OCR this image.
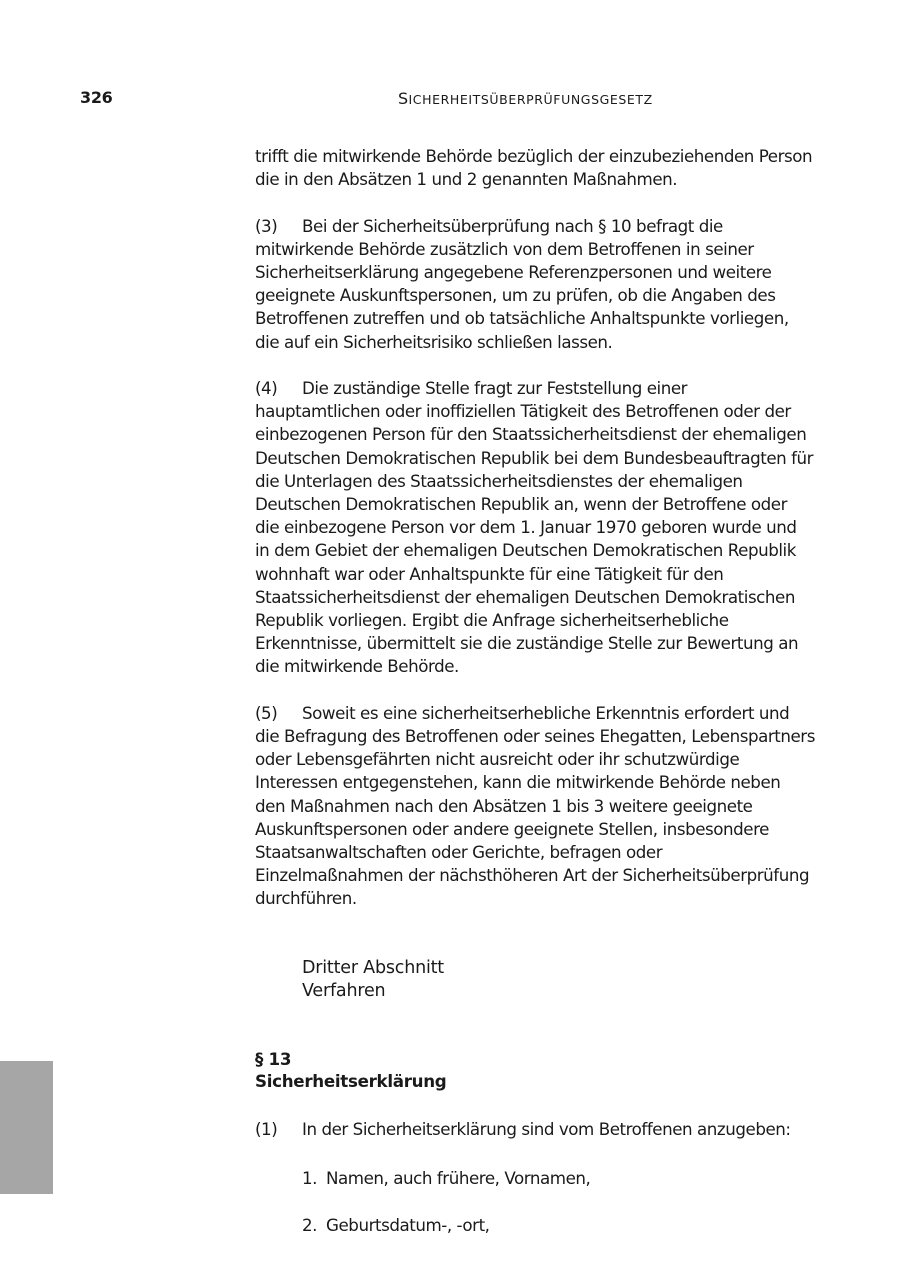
326	SICHERHEITSÜBERPRÜFUNGSGESETZ

trifft die mitwirkende Behörde bezüglich der einzubeziehenden Person die in den Absätzen 1 und 2 genannten Maßnahmen.

(3) Bei der Sicherheitsüberprüfung nach § 10 befragt die mitwirkende Behörde zusätzlich von dem Betroffenen in seiner Sicherheitserklärung angegebene Referenzpersonen und weitere geeignete Auskunftspersonen, um zu prüfen, ob die Angaben des Betroffenen zutreffen und ob tatsächliche Anhaltspunkte vorliegen, die auf ein Sicherheitsrisiko schließen lassen.

(4) Die zuständige Stelle fragt zur Feststellung einer hauptamtlichen oder inoffiziellen Tätigkeit des Betroffenen oder der einbezogenen Person für den Staatssicherheitsdienst der ehemaligen Deutschen Demokratischen Republik bei dem Bundesbeauftragten für die Unterlagen des Staatssicherheitsdienstes der ehemaligen Deutschen Demokratischen Republik an, wenn der Betroffene oder die einbezogene Person vor dem 1. Januar 1970 geboren wurde und in dem Gebiet der ehemaligen Deutschen Demokratischen Republik wohnhaft war oder Anhaltspunkte für eine Tätigkeit für den Staatssicherheitsdienst der ehemaligen Deutschen Demokratischen Republik vorliegen. Ergibt die Anfrage sicherheitserhebliche Erkenntnisse, übermittelt sie die zuständige Stelle zur Bewertung an die mitwirkende Behörde.

(5) Soweit es eine sicherheitserhebliche Erkenntnis erfordert und die Befragung des Betroffenen oder seines Ehegatten, Lebenspartners oder Lebensgefährten nicht ausreicht oder ihr schutzwürdige Interessen entgegenstehen, kann die mitwirkende Behörde neben den Maßnahmen nach den Absätzen 1 bis 3 weitere geeignete Auskunftspersonen oder andere geeignete Stellen, insbesondere Staatsanwaltschaften oder Gerichte, befragen oder Einzelmaßnahmen der nächsthöheren Art der Sicherheitsüberprüfung durchführen.

Dritter Abschnitt
Verfahren
§ 13
Sicherheitserklärung
(1) In der Sicherheitserklärung sind vom Betroffenen anzugeben:
1. Namen, auch frühere, Vornamen,
2. Geburtsdatum-, -ort,
